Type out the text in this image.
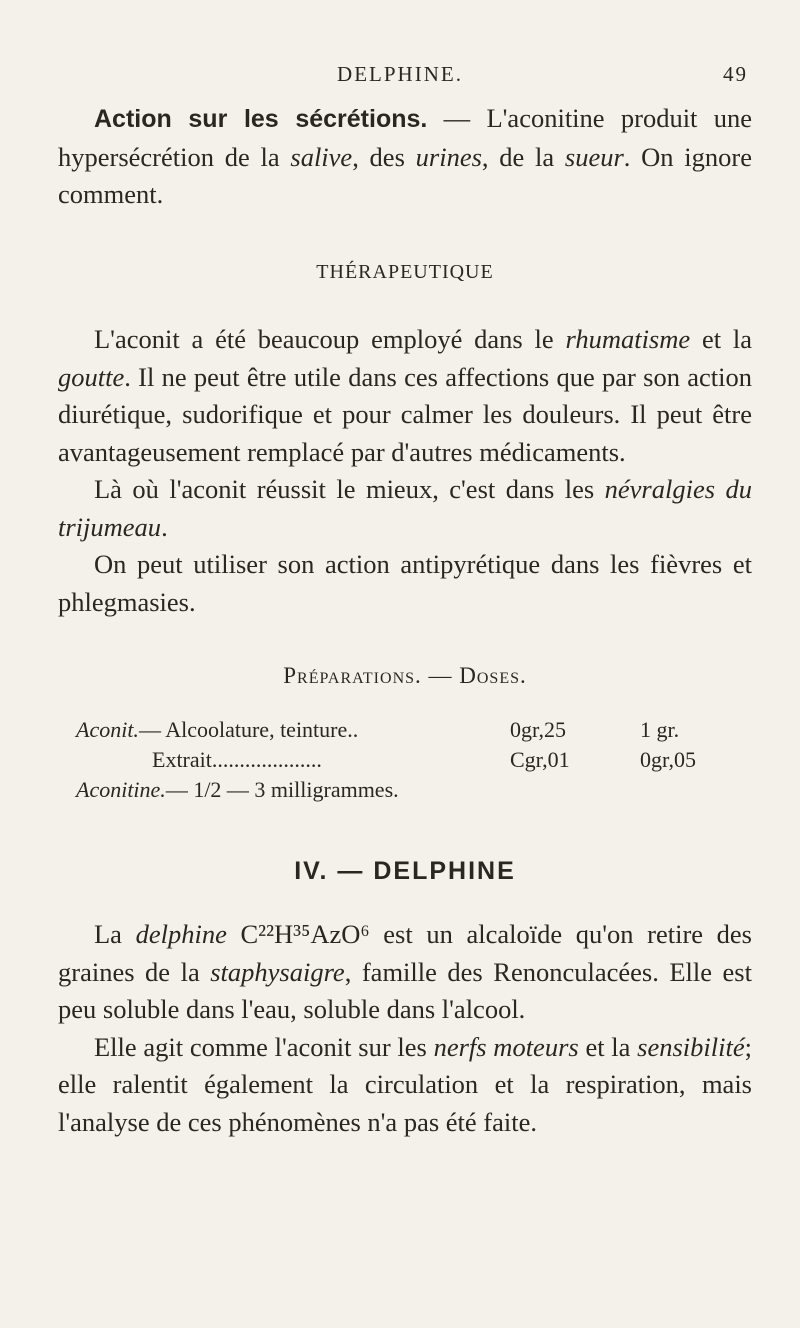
DELPHINE.	49

Action sur les sécrétions. — L'aconitine produit une hypersécrétion de la salive, des urines, de la sueur. On ignore comment.

THÉRAPEUTIQUE

L'aconit a été beaucoup employé dans le rhumatisme et la goutte. Il ne peut être utile dans ces affections que par son action diurétique, sudorifique et pour calmer les douleurs. Il peut être avantageusement remplacé par d'autres médicaments.

Là où l'aconit réussit le mieux, c'est dans les névralgies du trijumeau.

On peut utiliser son action antipyrétique dans les fièvres et phlegmasies.

Préparations. — Doses.
Aconit. — Alcoolature, teinture..	0gr,25	1 gr.
Extrait....................	Cgr,01	0gr,05
Aconitine. — 1/2 — 3 milligrammes.
IV. — DELPHINE

La delphine C²²H³⁵AzO⁶ est un alcaloïde qu'on retire des graines de la staphysaigre, famille des Renonculacées. Elle est peu soluble dans l'eau, soluble dans l'alcool.

Elle agit comme l'aconit sur les nerfs moteurs et la sensibilité; elle ralentit également la circulation et la respiration, mais l'analyse de ces phénomènes n'a pas été faite.
